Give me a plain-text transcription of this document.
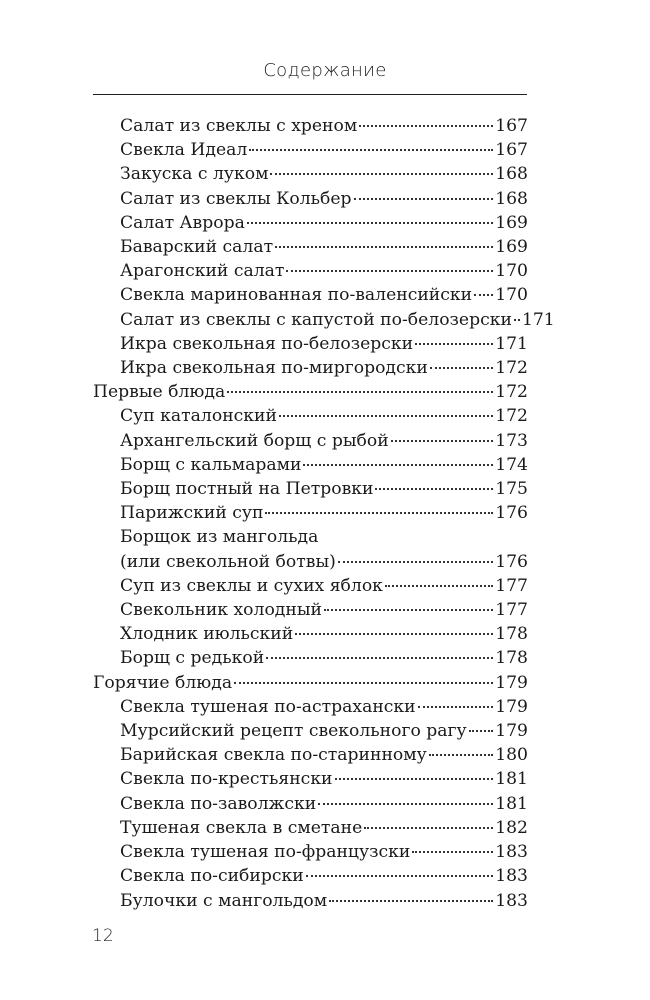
Содержание
Салат из свеклы с хреном	167
Свекла Идеал	167
Закуска с луком	168
Салат из свеклы Кольбер	168
Салат Аврора	169
Баварский салат	169
Арагонский салат	170
Свекла маринованная по-валенсийски 170
Салат из свеклы с капустой по-белозерски 171
Икра свекольная по-белозерски	171
Икра свекольная по-миргородски	172
Первые блюда	172
Суп каталонский	172
Архангельский борщ с рыбой	173
Борщ с кальмарами	174
Борщ постный на Петровки	175
Парижский суп	176
Борщок из мангольда
(или свекольной ботвы)	176
Суп из свеклы и сухих яблок	177
Свекольник холодный	177
Хлодник июльский	178
Борщ с редькой	178
Горячие блюда	179
Свекла тушеная по-астрахански	179
Мурсийский рецепт свекольного рагу 179
Барийская свекла по-старинному	180
Свекла по-крестьянски	181
Свекла по-заволжски	181
Тушеная свекла в сметане	182
Свекла тушеная по-французски	183
Свекла по-сибирски	183
Булочки с мангольдом	183
12
